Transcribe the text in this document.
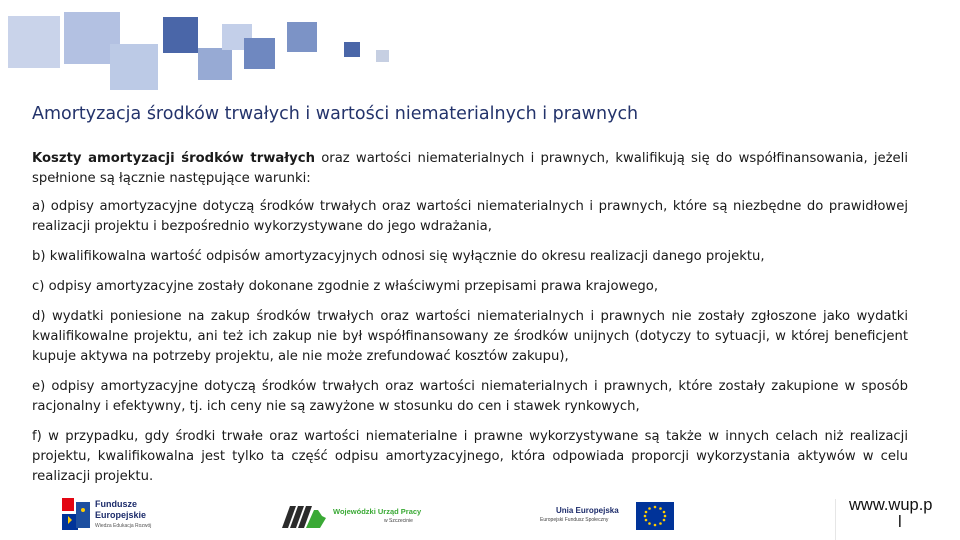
Amortyzacja środków trwałych i wartości niematerialnych i prawnych

Koszty amortyzacji środków trwałych oraz wartości niematerialnych i prawnych, kwalifikują się do współfinansowania, jeżeli spełnione są łącznie następujące warunki:

a) odpisy amortyzacyjne dotyczą środków trwałych oraz wartości niematerialnych i prawnych, które są niezbędne do prawidłowej realizacji projektu i bezpośrednio wykorzystywane do jego wdrażania,

b) kwalifikowalna wartość odpisów amortyzacyjnych odnosi się wyłącznie do okresu realizacji danego projektu,

c) odpisy amortyzacyjne zostały dokonane zgodnie z właściwymi przepisami prawa krajowego,

d) wydatki poniesione na zakup środków trwałych oraz wartości niematerialnych i prawnych nie zostały zgłoszone jako wydatki kwalifikowalne projektu, ani też ich zakup nie był współfinansowany ze środków unijnych (dotyczy to sytuacji, w której beneficjent kupuje aktywa na potrzeby projektu, ale nie może zrefundować kosztów zakupu),

e) odpisy amortyzacyjne dotyczą środków trwałych oraz wartości niematerialnych i prawnych, które zostały zakupione w sposób racjonalny i efektywny, tj. ich ceny nie są zawyżone w stosunku do cen i stawek rynkowych,

f) w przypadku, gdy środki trwałe oraz wartości niematerialne i prawne wykorzystywane są także w innych celach niż realizacji projektu, kwalifikowalna jest tylko ta część odpisu amortyzacyjnego, która odpowiada proporcji wykorzystania aktywów w celu realizacji projektu.

Fundusze
Europejskie
Wiedza Edukacja Rozwój
Wojewódzki Urząd Pracy
w Szczecinie
Unia Europejska
Europejski Fundusz Społeczny
www.wup.p
l
